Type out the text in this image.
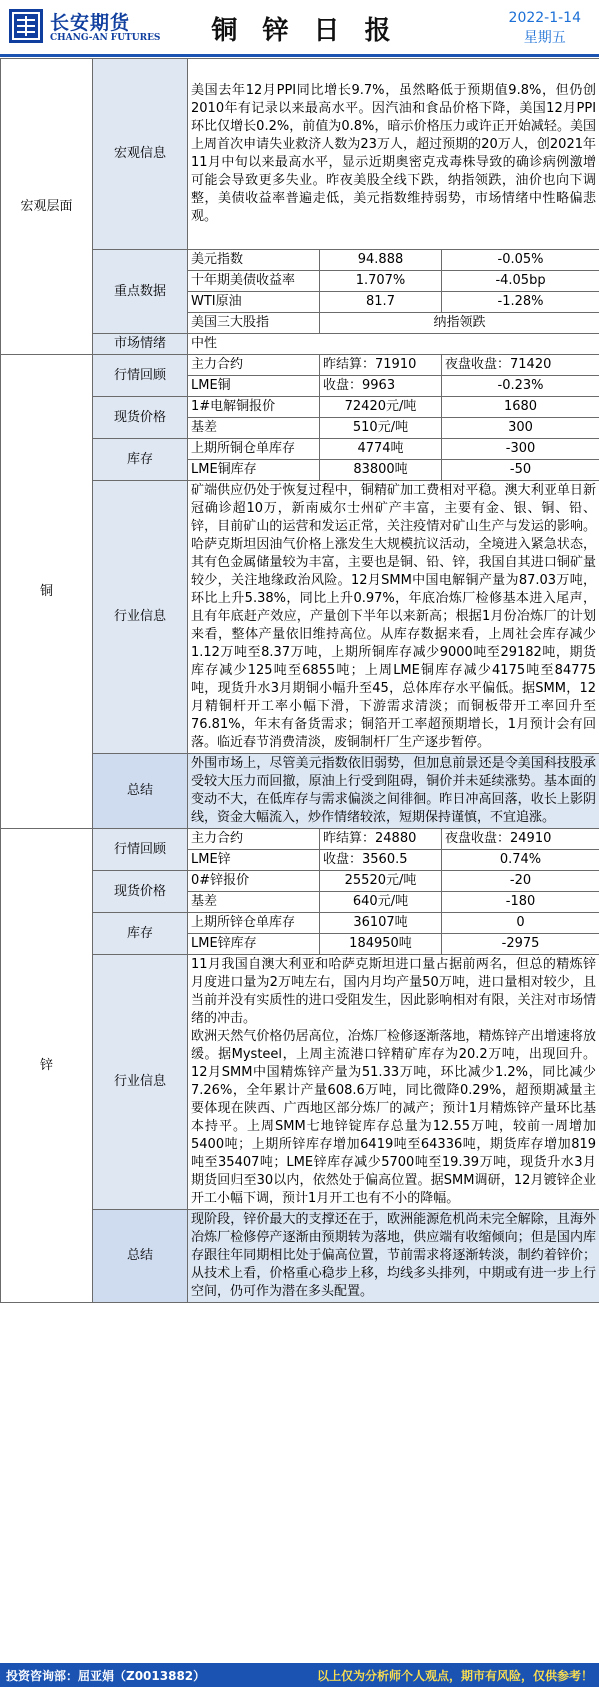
长安期货
CHANG-AN FUTURES	铜 锌 日 报	2022-1-14
星期五
宏观层面	宏观信息	美国去年12月PPI同比增长9.7%，虽然略低于预期值9.8%，但仍创2010年有记录以来最高水平。因汽油和食品价格下降，美国12月PPI环比仅增长0.2%，前值为0.8%，暗示价格压力或许正开始减轻。美国上周首次申请失业救济人数为23万人，超过预期的20万人，创2021年11月中旬以来最高水平，显示近期奥密克戎毒株导致的确诊病例激增可能会导致更多失业。昨夜美股全线下跌，纳指领跌，油价也向下调整，美债收益率普遍走低，美元指数维持弱势，市场情绪中性略偏悲观。		
	重点数据	美元指数	94.888	-0.05%
		十年期美债收益率	1.707%	-4.05bp
		WTI原油	81.7	-1.28%
		美国三大股指	纳指领跌	
	市场情绪	中性		
铜	行情回顾	主力合约	昨结算：71910	夜盘收盘：71420
		LME铜	收盘：9963	-0.23%
	现货价格	1#电解铜报价	72420元/吨	1680
		基差	510元/吨	300
	库存	上期所铜仓单库存	4774吨	-300
		LME铜库存	83800吨	-50
	行业信息	矿端供应仍处于恢复过程中，铜精矿加工费相对平稳。澳大利亚单日新冠确诊超10万，新南威尔士州矿产丰富，主要有金、银、铜、铅、锌，目前矿山的运营和发运正常，关注疫情对矿山生产与发运的影响。哈萨克斯坦因油气价格上涨发生大规模抗议活动，全境进入紧急状态，其有色金属储量较为丰富，主要也是铜、铅、锌，我国自其进口铜矿量较少，关注地缘政治风险。12月SMM中国电解铜产量为87.03万吨，环比上升5.38%，同比上升0.97%，年底冶炼厂检修基本进入尾声，且有年底赶产效应，产量创下半年以来新高；根据1月份冶炼厂的计划来看，整体产量依旧维持高位。从库存数据来看，上周社会库存减少1.12万吨至8.37万吨，上期所铜库存减少9000吨至29182吨，期货库存减少125吨至6855吨；上周LME铜库存减少4175吨至84775吨，现货升水3月期铜小幅升至45，总体库存水平偏低。据SMM，12月精铜杆开工率小幅下滑，下游需求清淡；而铜板带开工率回升至76.81%，年末有备货需求；铜箔开工率超预期增长，1月预计会有回落。临近春节消费清淡，废铜制杆厂生产逐步暂停。		
	总结	外围市场上，尽管美元指数依旧弱势，但加息前景还是令美国科技股承受较大压力而回撤，原油上行受到阻碍，铜价并未延续涨势。基本面的变动不大，在低库存与需求偏淡之间徘徊。昨日冲高回落，收长上影阴线，资金大幅流入，炒作情绪较浓，短期保持谨慎，不宜追涨。		
锌	行情回顾	主力合约	昨结算：24880	夜盘收盘：24910
		LME锌	收盘：3560.5	0.74%
	现货价格	0#锌报价	25520元/吨	-20
		基差	640元/吨	-180
	库存	上期所锌仓单库存	36107吨	0
		LME锌库存	184950吨	-2975
	行业信息	11月我国自澳大利亚和哈萨克斯坦进口量占据前两名，但总的精炼锌月度进口量为2万吨左右，国内月均产量50万吨，进口量相对较少，且当前并没有实质性的进口受阻发生，因此影响相对有限，关注对市场情绪的冲击。
欧洲天然气价格仍居高位，冶炼厂检修逐渐落地，精炼锌产出增速将放缓。据Mysteel，上周主流港口锌精矿库存为20.2万吨，出现回升。12月SMM中国精炼锌产量为51.33万吨，环比减少1.2%，同比减少7.26%，全年累计产量608.6万吨，同比微降0.29%，超预期减量主要体现在陕西、广西地区部分炼厂的减产；预计1月精炼锌产量环比基本持平。上周SMM七地锌锭库存总量为12.55万吨，较前一周增加5400吨；上期所锌库存增加6419吨至64336吨，期货库存增加819吨至35407吨；LME锌库存减少5700吨至19.39万吨，现货升水3月期货回归至30以内，依然处于偏高位置。据SMM调研，12月镀锌企业开工小幅下调，预计1月开工也有不小的降幅。		

	总结	现阶段，锌价最大的支撑还在于，欧洲能源危机尚未完全解除，且海外冶炼厂检修停产逐渐由预期转为落地，供应端有收缩倾向；但是国内库存跟往年同期相比处于偏高位置，节前需求将逐渐转淡，制约着锌价；从技术上看，价格重心稳步上移，均线多头排列，中期或有进一步上行空间，仍可作为潜在多头配置。		
投资咨询部：屈亚娟（Z0013882）	以上仅为分析师个人观点，期市有风险，仅供参考！
